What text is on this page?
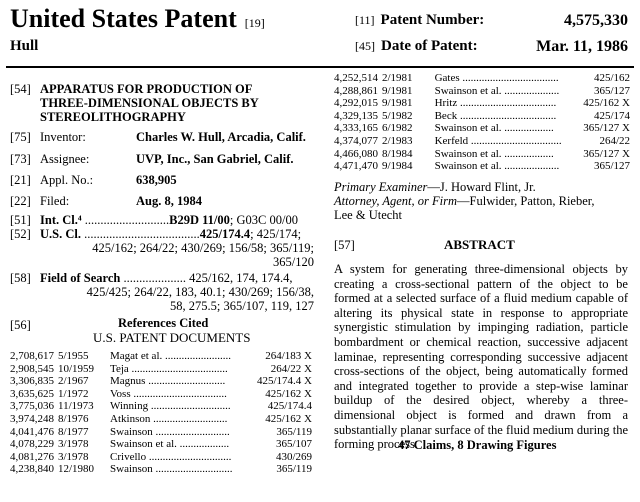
United States Patent [19]
Hull
[11] Patent Number:	4,575,330
[45] Date of Patent:	Mar. 11, 1986
[54] APPARATUS FOR PRODUCTION OF
THREE-DIMENSIONAL OBJECTS BY
STEREOLITHOGRAPHY
[75] Inventor:	Charles W. Hull, Arcadia, Calif.
[73] Assignee:	UVP, Inc., San Gabriel, Calif.
[21] Appl. No.:	638,905
[22] Filed:	Aug. 8, 1984
[51] Int. Cl.⁴ ...........................B29D 11/00; G03C 00/00
[52] U.S. Cl. .....................................425/174.4; 425/174;
425/162; 264/22; 430/269; 156/58; 365/119;
365/120
[58] Field of Search .................... 425/162, 174, 174.4,
425/425; 264/22, 183, 40.1; 430/269; 156/38,
58, 275.5; 365/107, 119, 127
[56]	References Cited
U.S. PATENT DOCUMENTS
2,708,617	5/1955	Magat et al. ........................	264/183 X
2,908,545	10/1959	Teja ...................................	264/22 X
3,306,835	2/1967	Magnus ............................	425/174.4 X
3,635,625	1/1972	Voss ..................................	425/162 X
3,775,036	11/1973	Winning .............................	425/174.4
3,974,248	8/1976	Atkinson ...........................	425/162 X
4,041,476	8/1977	Swainson ...........................	365/119
4,078,229	3/1978	Swainson et al. ..................	365/107
4,081,276	3/1978	Crivello ..............................	430/269
4,238,840	12/1980	Swainson ............................	365/119
4,252,514	2/1981	Gates ...................................	425/162
4,288,861	9/1981	Swainson et al. ....................	365/127
4,292,015	9/1981	Hritz ...................................	425/162 X
4,329,135	5/1982	Beck ...................................	425/174
4,333,165	6/1982	Swainson et al. ..................	365/127 X
4,374,077	2/1983	Kerfeld .................................	264/22
4,466,080	8/1984	Swainson et al. ..................	365/127 X
4,471,470	9/1984	Swainson et al. ....................	365/127
Primary Examiner—J. Howard Flint, Jr.
Attorney, Agent, or Firm—Fulwider, Patton, Rieber,
Lee & Utecht
[57]	ABSTRACT
A system for generating three-dimensional objects by creating a cross-sectional pattern of the object to be formed at a selected surface of a fluid medium capable of altering its physical state in response to appropriate synergistic stimulation by impinging radiation, particle bombardment or chemical reaction, successive adjacent laminae, representing corresponding successive adjacent cross-sections of the object, being automatically formed and integrated together to provide a step-wise laminar buildup of the desired object, whereby a three-dimensional object is formed and drawn from a substantially planar surface of the fluid medium during the forming process.
47 Claims, 8 Drawing Figures
